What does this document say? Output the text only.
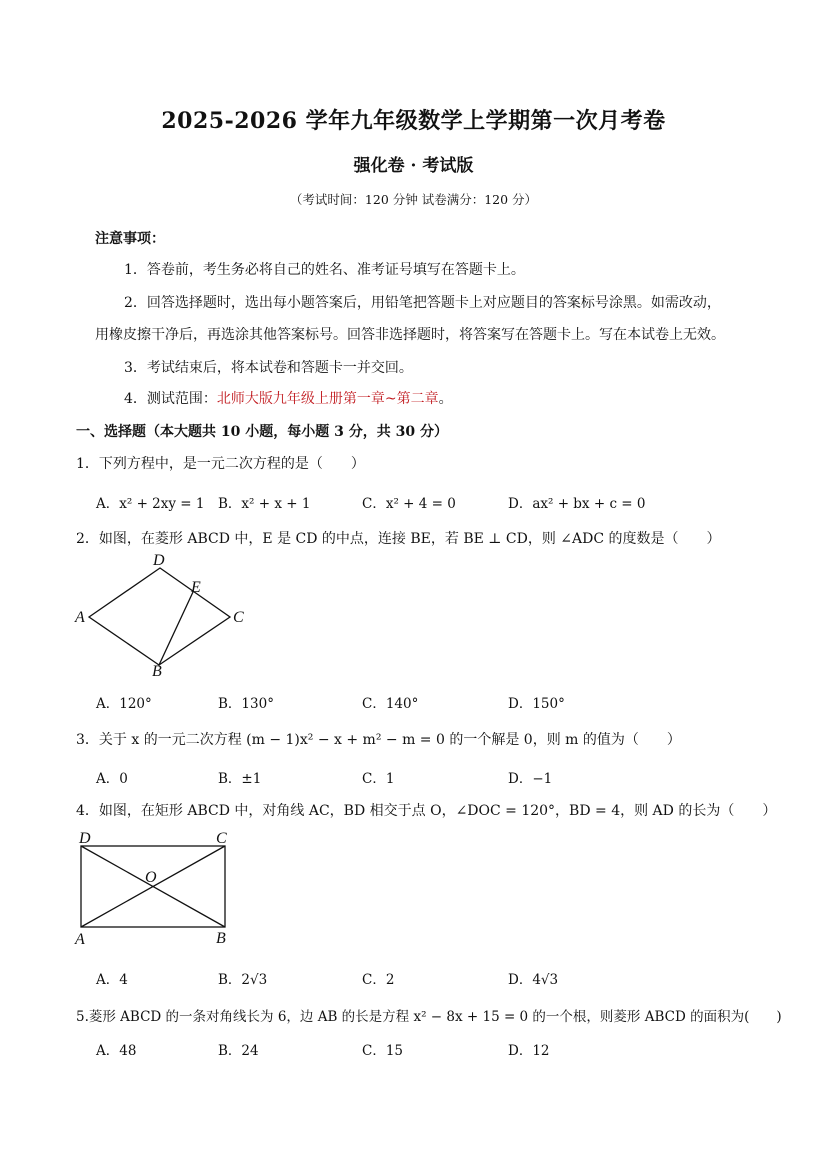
2025-2026 学年九年级数学上学期第一次月考卷
强化卷 · 考试版
（考试时间：120 分钟 试卷满分：120 分）
注意事项：
1．答卷前，考生务必将自己的姓名、准考证号填写在答题卡上。
2．回答选择题时，选出每小题答案后，用铅笔把答题卡上对应题目的答案标号涂黑。如需改动，
用橡皮擦干净后，再选涂其他答案标号。回答非选择题时，将答案写在答题卡上。写在本试卷上无效。
3．考试结束后，将本试卷和答题卡一并交回。
4．测试范围：北师大版九年级上册第一章~第二章。
一、选择题（本大题共 10 小题，每小题 3 分，共 30 分）
1．下列方程中，是一元二次方程的是（　　）
A．x² + 2xy = 1 B．x² + x + 1	C．x² + 4 = 0	D．ax² + bx + c = 0
2．如图，在菱形 ABCD 中，E 是 CD 的中点，连接 BE，若 BE ⊥ CD，则 ∠ADC 的度数是（　　）
A
D
E
C
B
A．120°	B．130°	C．140°	D．150°
3．关于 x 的一元二次方程 (m − 1)x² − x + m² − m = 0 的一个解是 0，则 m 的值为（　　）
A．0	B．±1	C．1	D．−1
4．如图，在矩形 ABCD 中，对角线 AC，BD 相交于点 O，∠DOC = 120°，BD = 4，则 AD 的长为（　　）
D	C
O
A	B
A．4	B．2√3	C．2	D．4√3
5.菱形 ABCD 的一条对角线长为 6，边 AB 的长是方程 x² − 8x + 15 = 0 的一个根，则菱形 ABCD 的面积为(　　)
A．48	B．24	C．15	D．12
